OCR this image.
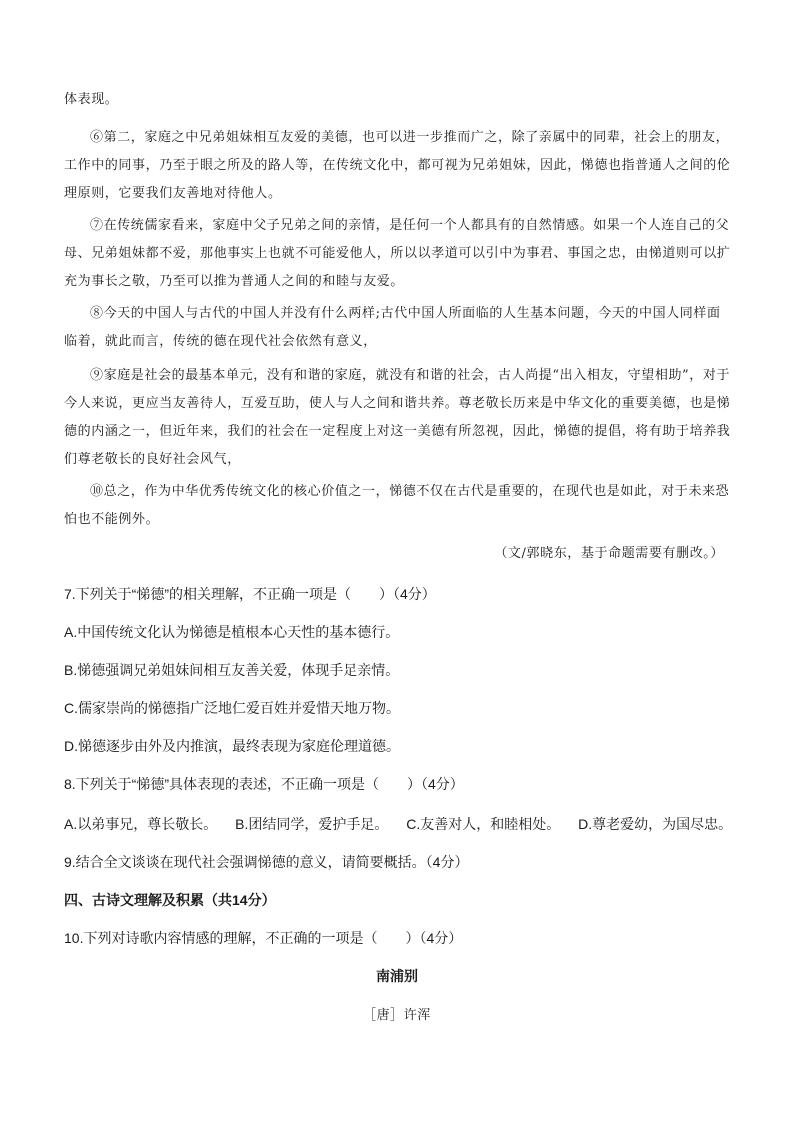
体表现。

⑥第二，家庭之中兄弟姐妹相互友爱的美德，也可以进一步推而广之，除了亲属中的同辈，社会上的朋友，工作中的同事，乃至于眼之所及的路人等，在传统文化中，都可视为兄弟姐妹，因此，悌德也指普通人之间的伦理原则，它要我们友善地对待他人。

⑦在传统儒家看来，家庭中父子兄弟之间的亲情，是任何一个人都具有的自然情感。如果一个人连自己的父母、兄弟姐妹都不爱，那他事实上也就不可能爱他人，所以以孝道可以引中为事君、事国之忠，由悌道则可以扩充为事长之敬，乃至可以推为普通人之间的和睦与友爱。

⑧今天的中国人与古代的中国人并没有什么两样;古代中国人所面临的人生基本问题，今天的中国人同样面临着，就此而言，传统的德在现代社会依然有意义，

⑨家庭是社会的最基本单元，没有和谐的家庭，就没有和谐的社会，古人尚提“出入相友，守望相助”，对于今人来说，更应当友善待人，互爱互助，使人与人之间和谐共养。尊老敬长历来是中华文化的重要美德，也是悌德的内涵之一，但近年来，我们的社会在一定程度上对这一美德有所忽视，因此，悌德的提倡，将有助于培养我们尊老敬长的良好社会风气，

⑩总之，作为中华优秀传统文化的核心价值之一，悌德不仅在古代是重要的，在现代也是如此，对于未来恐怕也不能例外。

（文/郭晓东，基于命题需要有删改。）

7.下列关于“悌德”的相关理解，不正确一项是（　　）（4分）

A.中国传统文化认为悌德是植根本心天性的基本德行。

B.悌德强调兄弟姐妹间相互友善关爱，体现手足亲情。

C.儒家崇尚的悌德指广泛地仁爱百姓并爱惜天地万物。

D.悌德逐步由外及内推演，最终表现为家庭伦理道德。

8.下列关于“悌德”具体表现的表述，不正确一项是（　　）（4分）

A.以弟事兄，尊长敬长。 B.团结同学，爱护手足。 C.友善对人，和睦相处。 D.尊老爱幼，为国尽忠。

9.结合全文谈谈在现代社会强调悌德的意义，请简要概括。（4分）

四、古诗文理解及积累（共14分）

10.下列对诗歌内容情感的理解，不正确的一项是（　　）（4分）

南浦别

［唐］许浑
